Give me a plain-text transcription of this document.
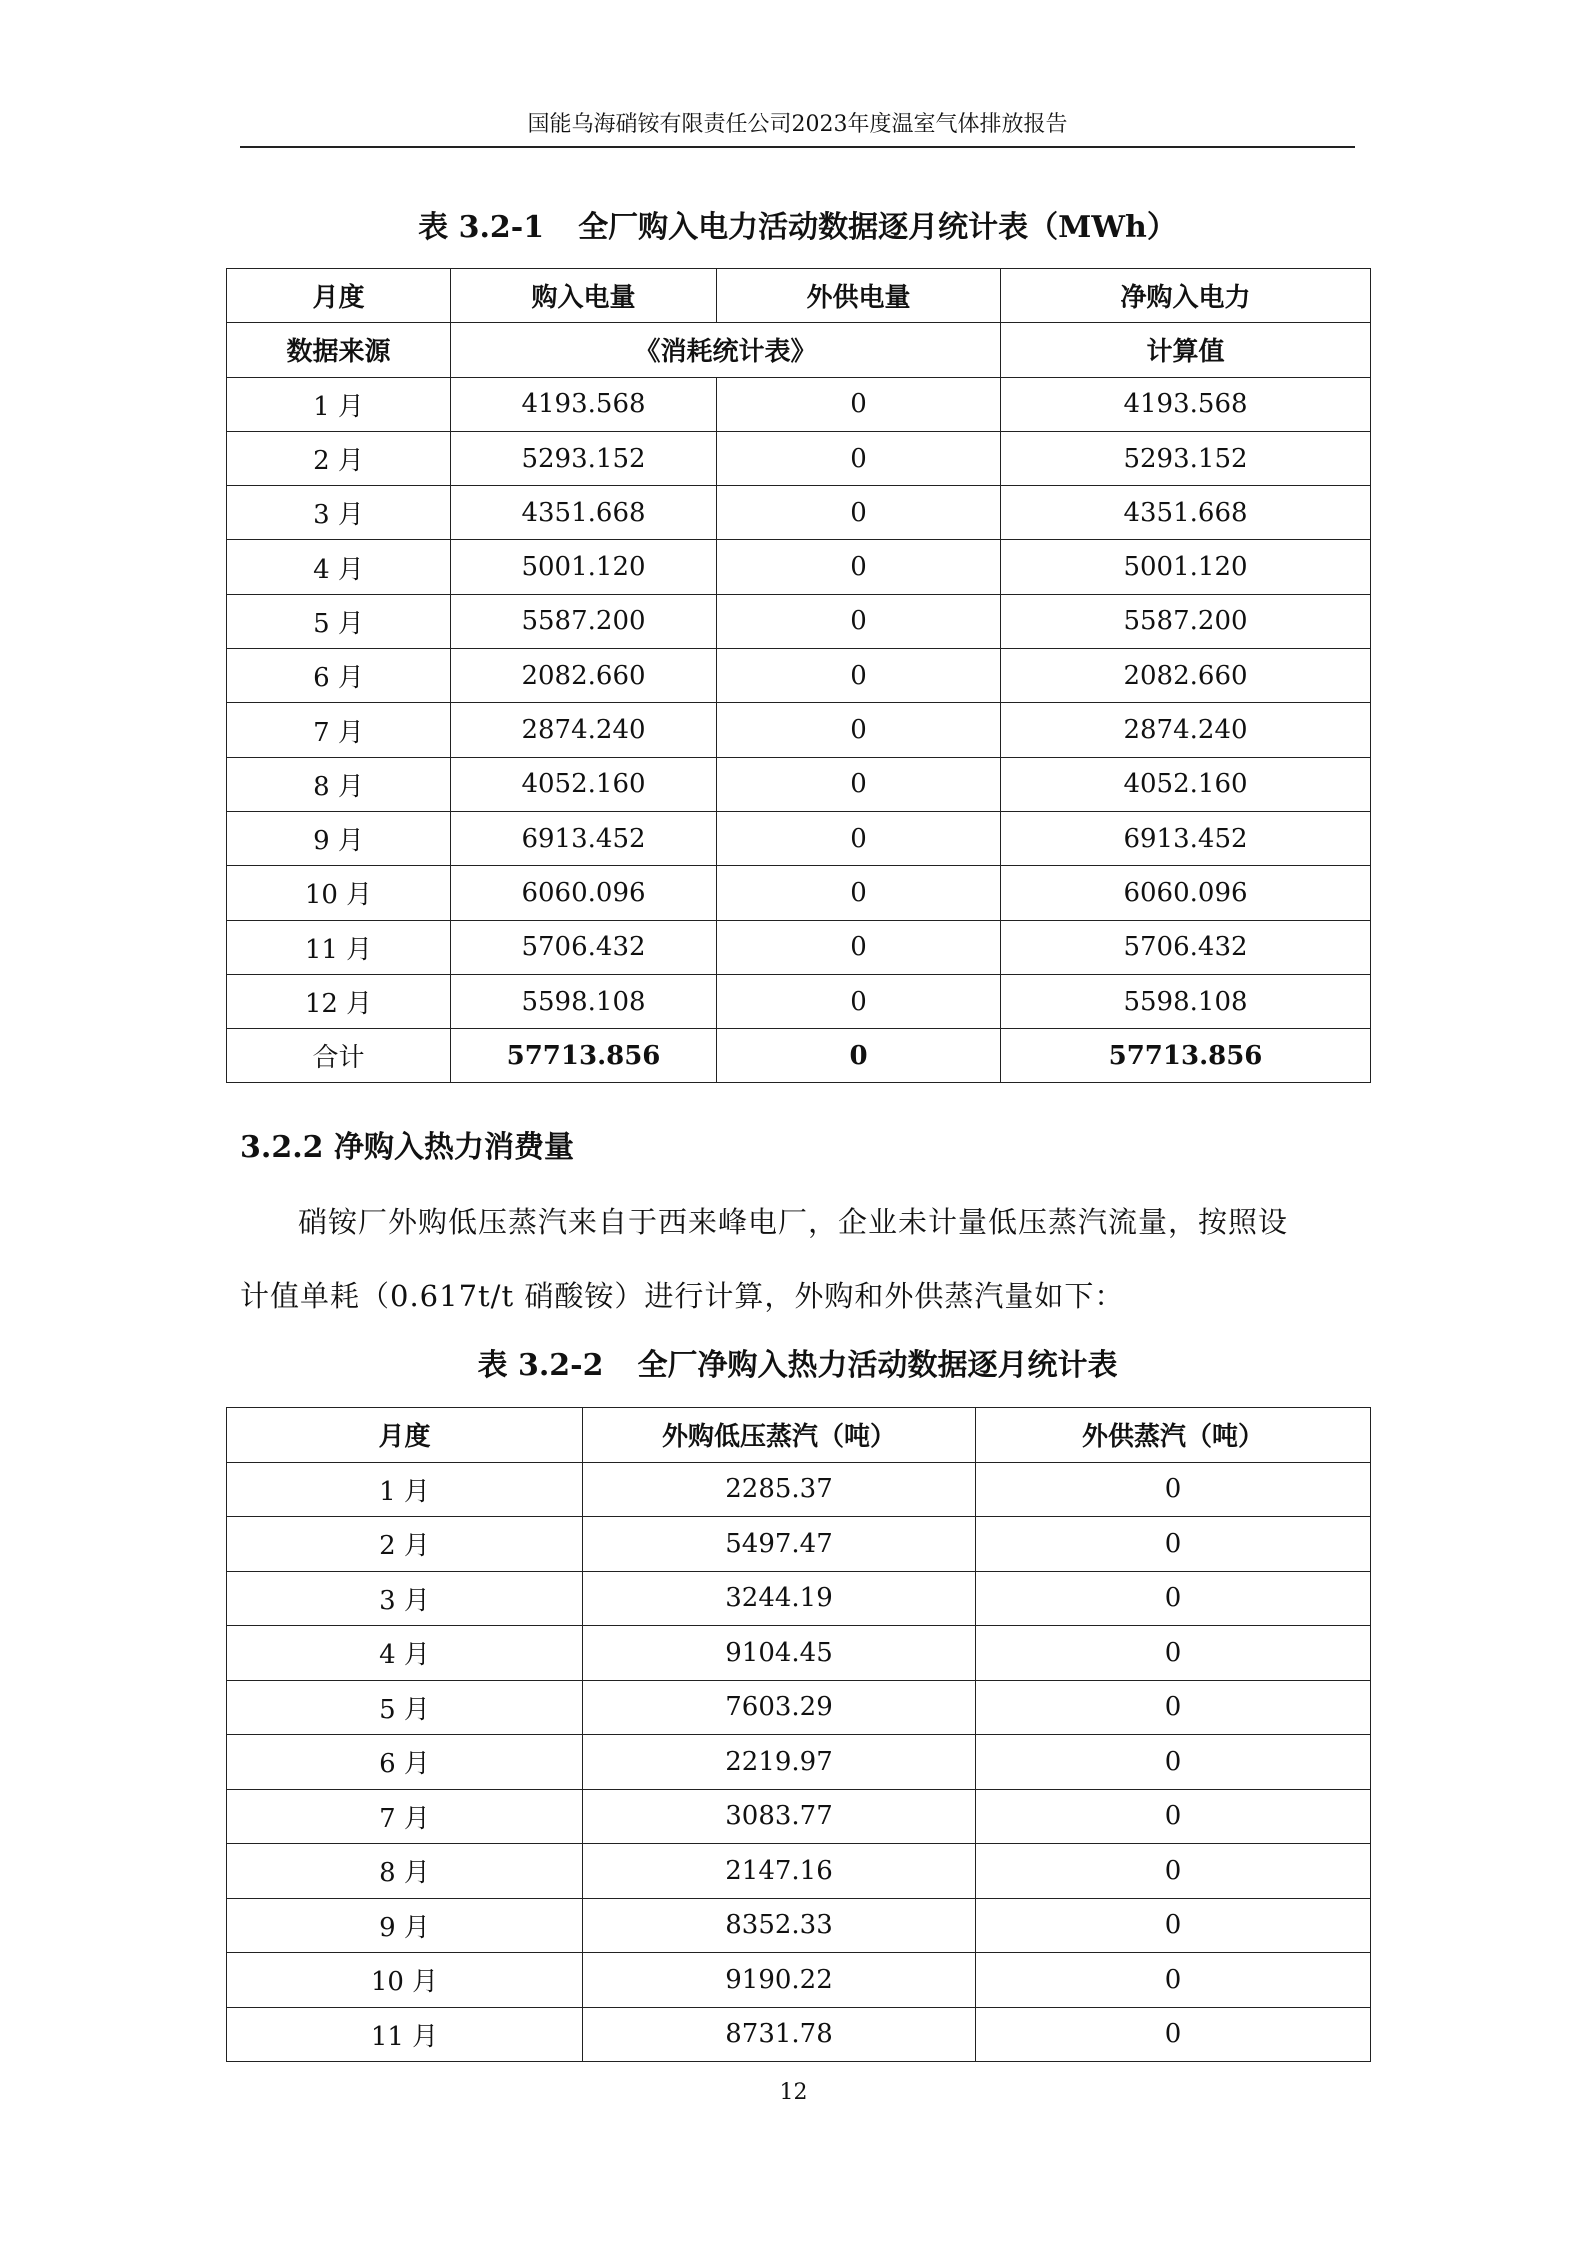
国能乌海硝铵有限责任公司2023年度温室气体排放报告
表 3.2-1 全厂购入电力活动数据逐月统计表（MWh）
月度	购入电量	外供电量	净购入电力
数据来源	《消耗统计表》		计算值
1 月	4193.568	0	4193.568
2 月	5293.152	0	5293.152
3 月	4351.668	0	4351.668
4 月	5001.120	0	5001.120
5 月	5587.200	0	5587.200
6 月	2082.660	0	2082.660
7 月	2874.240	0	2874.240
8 月	4052.160	0	4052.160
9 月	6913.452	0	6913.452
10 月	6060.096	0	6060.096
11 月	5706.432	0	5706.432
12 月	5598.108	0	5598.108
合计	57713.856	0	57713.856
3.2.2 净购入热力消费量
硝铵厂外购低压蒸汽来自于西来峰电厂，企业未计量低压蒸汽流量，按照设
计值单耗（0.617t/t 硝酸铵）进行计算，外购和外供蒸汽量如下：
表 3.2-2 全厂净购入热力活动数据逐月统计表
月度	外购低压蒸汽（吨）	外供蒸汽（吨）
1 月	2285.37	0
2 月	5497.47	0
3 月	3244.19	0
4 月	9104.45	0
5 月	7603.29	0
6 月	2219.97	0
7 月	3083.77	0
8 月	2147.16	0
9 月	8352.33	0
10 月	9190.22	0
11 月	8731.78	0
12
